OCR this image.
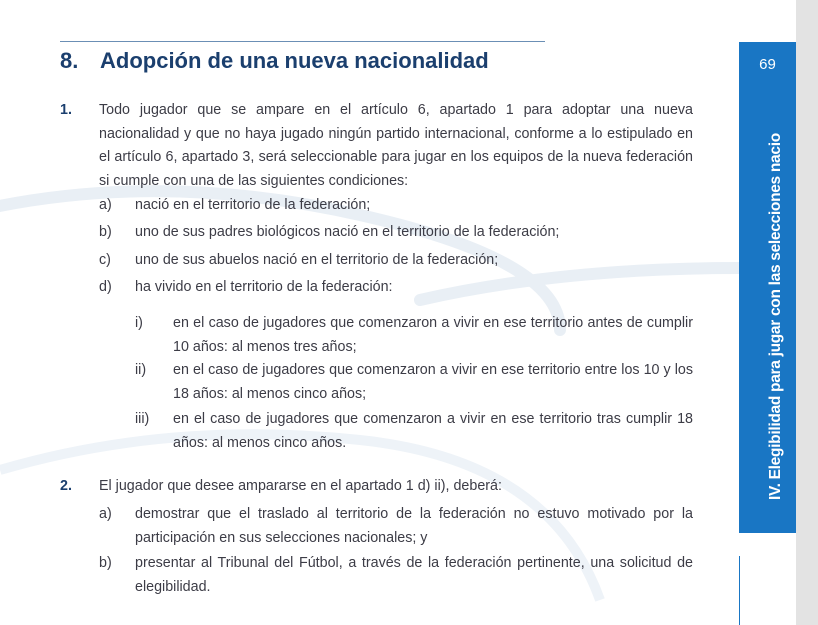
69
IV. Elegibilidad para jugar con las selecciones nacio
8. Adopción de una nueva nacionalidad
1. Todo jugador que se ampare en el artículo 6, apartado 1 para adoptar una nueva nacionalidad y que no haya jugado ningún partido internacional, conforme a lo estipulado en el artículo 6, apartado 3, será seleccionable para jugar en los equipos de la nueva federación si cumple con una de las siguientes condiciones:
a) nació en el territorio de la federación;
b) uno de sus padres biológicos nació en el territorio de la federación;
c) uno de sus abuelos nació en el territorio de la federación;
d) ha vivido en el territorio de la federación:
i) en el caso de jugadores que comenzaron a vivir en ese territorio antes de cumplir 10 años: al menos tres años;
ii) en el caso de jugadores que comenzaron a vivir en ese territorio entre los 10 y los 18 años: al menos cinco años;
iii) en el caso de jugadores que comenzaron a vivir en ese territorio tras cumplir 18 años: al menos cinco años.
2. El jugador que desee ampararse en el apartado 1 d) ii), deberá:
a) demostrar que el traslado al territorio de la federación no estuvo motivado por la participación en sus selecciones nacionales; y
b) presentar al Tribunal del Fútbol, a través de la federación pertinente, una solicitud de elegibilidad.
